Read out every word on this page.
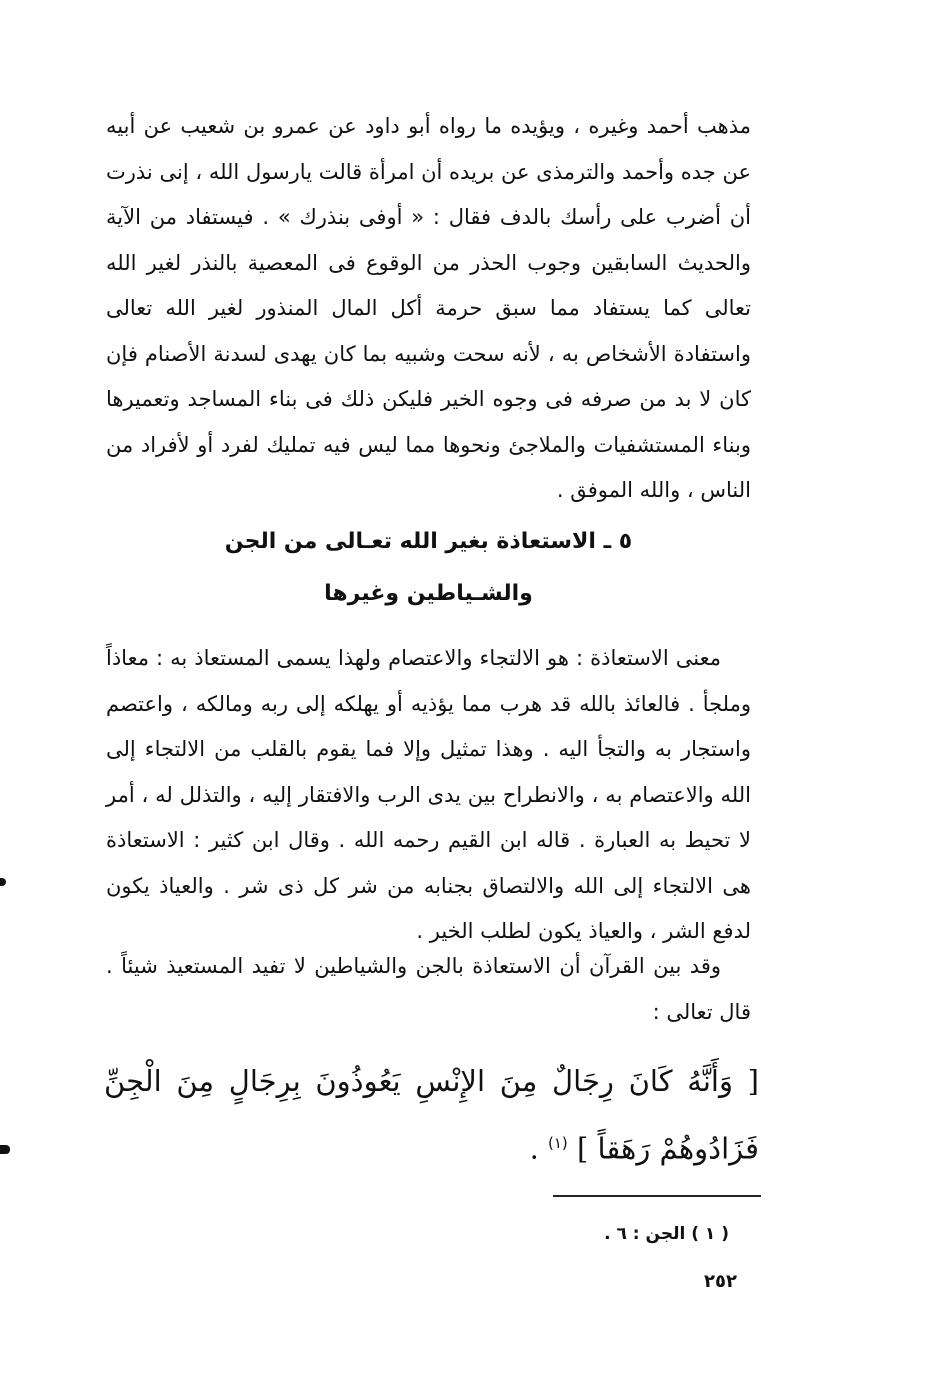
مذهب أحمد وغيره ، ويؤيده ما رواه أبو داود عن عمرو بن شعيب عن أبيه عن جده وأحمد والترمذى عن بريده أن امرأة قالت يارسول الله ، إنى نذرت أن أضرب على رأسك بالدف فقال : « أوفى بنذرك » . فيستفاد من الآية والحديث السابقين وجوب الحذر من الوقوع فى المعصية بالنذر لغير الله تعالى كما يستفاد مما سبق حرمة أكل المال المنذور لغير الله تعالى واستفادة الأشخاص به ، لأنه سحت وشبيه بما كان يهدى لسدنة الأصنام فإن كان لا بد من صرفه فى وجوه الخير فليكن ذلك فى بناء المساجد وتعميرها وبناء المستشفيات والملاجئ ونحوها مما ليس فيه تمليك لفرد أو لأفراد من الناس ، والله الموفق .
٥ ـ الاستعاذة بغير الله تعـالى من الجن
والشـياطين وغيرها
معنى الاستعاذة : هو الالتجاء والاعتصام ولهذا يسمى المستعاذ به : معاذاً وملجأ . فالعائذ بالله قد هرب مما يؤذيه أو يهلكه إلى ربه ومالكه ، واعتصم واستجار به والتجأ اليه . وهذا تمثيل وإلا فما يقوم بالقلب من الالتجاء إلى الله والاعتصام به ، والانطراح بين يدى الرب والافتقار إليه ، والتذلل له ، أمر لا تحيط به العبارة . قاله ابن القيم رحمه الله . وقال ابن كثير : الاستعاذة هى الالتجاء إلى الله والالتصاق بجنابه من شر كل ذى شر . والعياذ يكون لدفع الشر ، والعياذ يكون لطلب الخير .
وقد بين القرآن أن الاستعاذة بالجن والشياطين لا تفيد المستعيذ شيئاً . قال تعالى :
[ وَأَنَّهُ كَانَ رِجَالٌ مِنَ الإِنْسِ يَعُوذُونَ بِرِجَالٍ مِنَ الْجِنِّ فَزَادُوهُمْ رَهَقاً ] $^{(١)}$ .
( ١ ) الجن : ٦ .
٢٥٢
